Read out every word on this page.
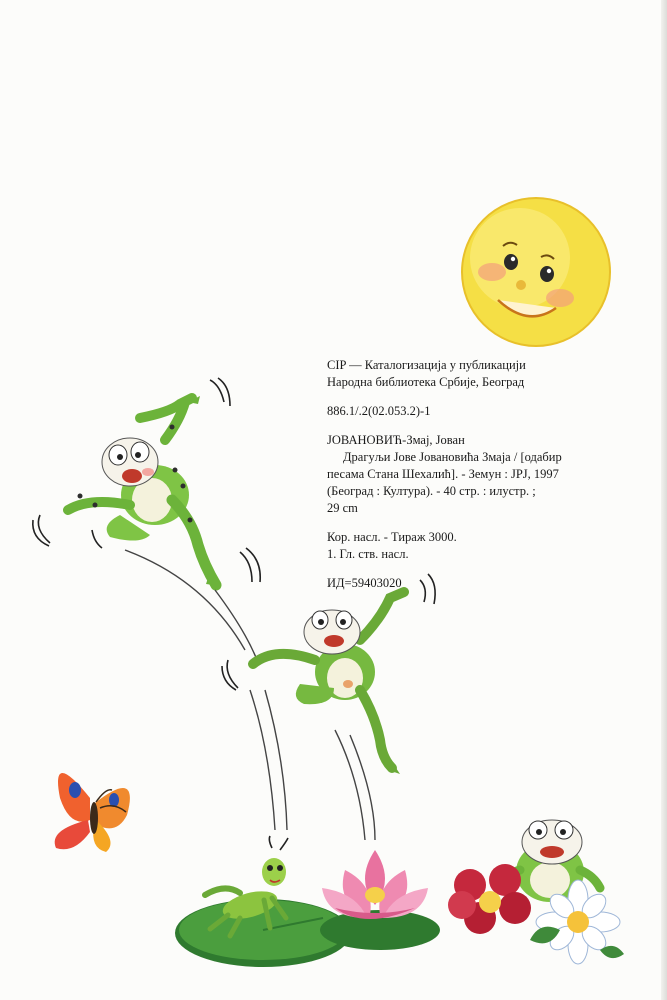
CIP — Каталогизација у публикацији

Народна библиотека Србије, Београд

886.1/.2(02.053.2)-1

ЈОВАНОВИЋ-Змај, Јован

Драгуљи Јове Јовановића Змаја / [одабир

песама Стана Шехалић]. - Земун : ЈРЈ, 1997

(Београд : Култура). - 40 стр. : илустр. ;

29 cm

Кор. насл. - Тираж 3000.

1. Гл. ств. насл.

ИД=59403020
